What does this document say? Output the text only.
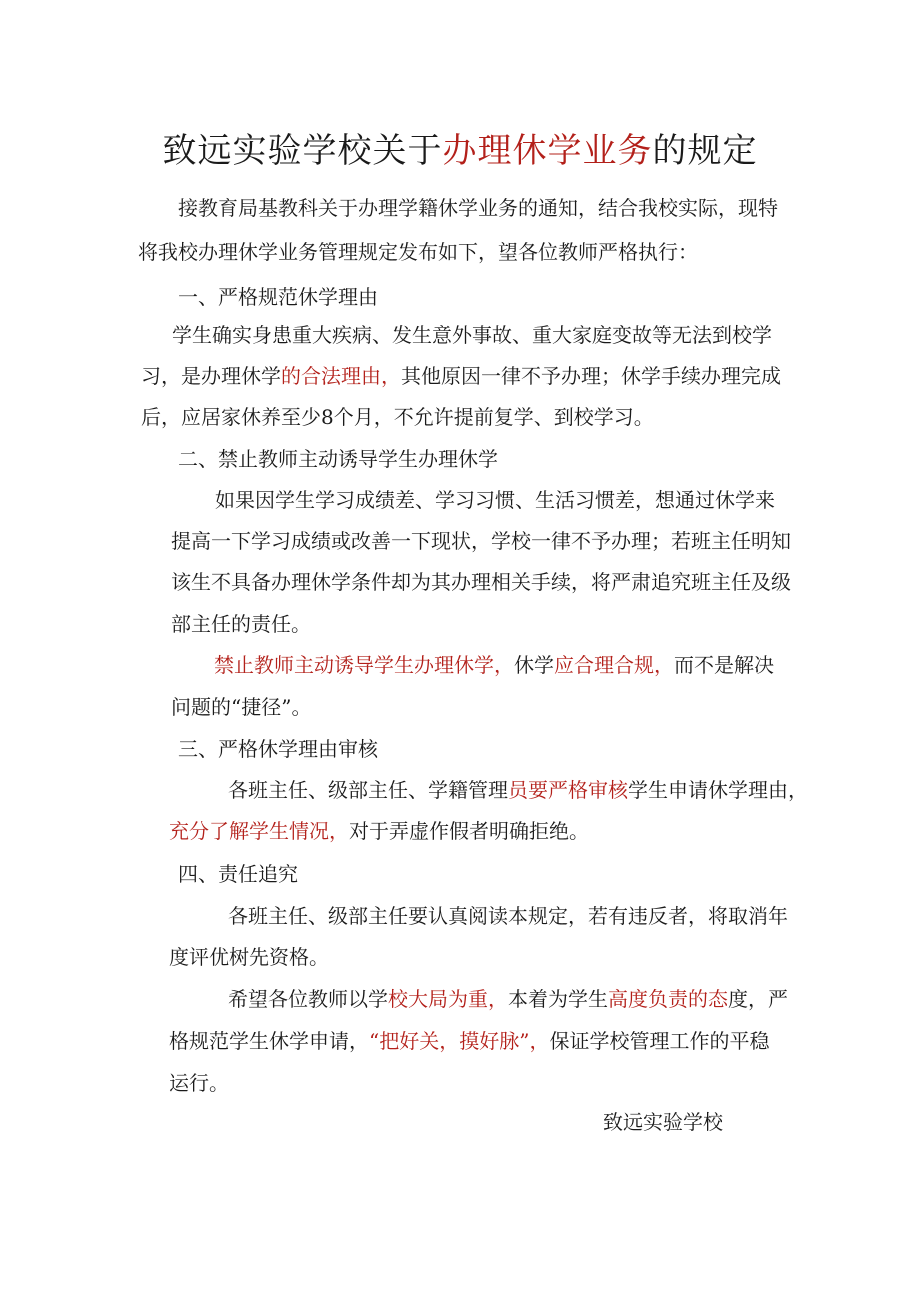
致远实验学校关于办理休学业务的规定
接教育局基教科关于办理学籍休学业务的通知，结合我校实际，现特
将我校办理休学业务管理规定发布如下，望各位教师严格执行：
一、严格规范休学理由
学生确实身患重大疾病、发生意外事故、重大家庭变故等无法到校学
习，是办理休学的合法理由，其他原因一律不予办理；休学手续办理完成
后，应居家休养至少8个月，不允许提前复学、到校学习。
二、禁止教师主动诱导学生办理休学
如果因学生学习成绩差、学习习惯、生活习惯差，想通过休学来
提高一下学习成绩或改善一下现状，学校一律不予办理；若班主任明知
该生不具备办理休学条件却为其办理相关手续，将严肃追究班主任及级
部主任的责任。
禁止教师主动诱导学生办理休学，休学应合理合规，而不是解决
问题的“捷径”。
三、严格休学理由审核
各班主任、级部主任、学籍管理员要严格审核学生申请休学理由，
充分了解学生情况，对于弄虚作假者明确拒绝。
四、责任追究
各班主任、级部主任要认真阅读本规定，若有违反者，将取消年
度评优树先资格。
希望各位教师以学校大局为重，本着为学生高度负责的态度，严
格规范学生休学申请，“把好关，摸好脉”，保证学校管理工作的平稳
运行。
致远实验学校
